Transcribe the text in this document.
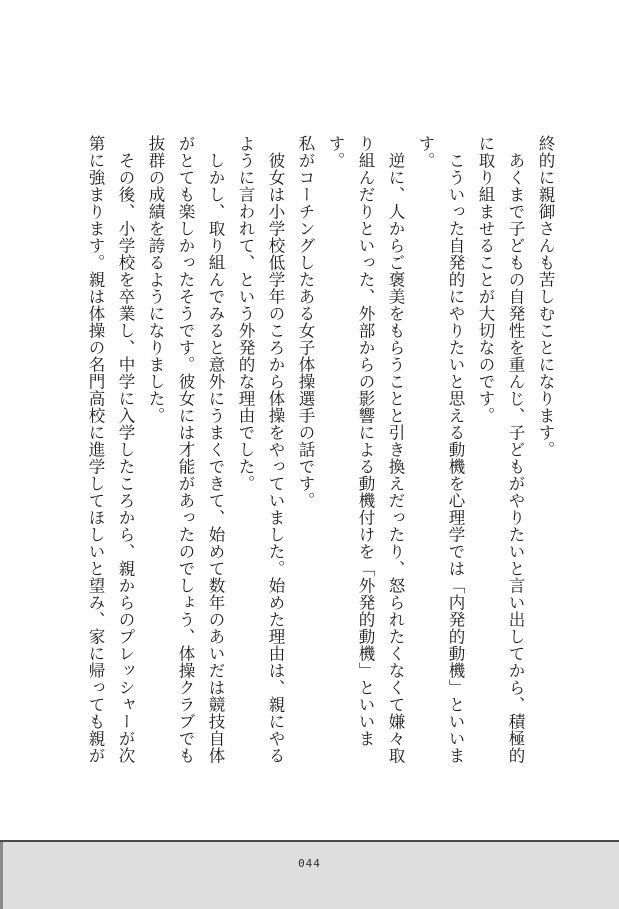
終的に親御さんも苦しむことになります。

あくまで子どもの自発性を重んじ、子どもがやりたいと言い出してから、積極的に取り組ませることが大切なのです。

こういった自発的にやりたいと思える動機を心理学では「内発的動機」といいます。

逆に、人からご褒美をもらうことと引き換えだったり、怒られたくなくて嫌々取り組んだりといった、外部からの影響による動機付けを「外発的動機」といいます。

私がコーチングしたある女子体操選手の話です。

彼女は小学校低学年のころから体操をやっていました。始めた理由は、親にやるように言われて、という外発的な理由でした。

しかし、取り組んでみると意外にうまくできて、始めて数年のあいだは競技自体がとても楽しかったそうです。彼女には才能があったのでしょう、体操クラブでも抜群の成績を誇るようになりました。

その後、小学校を卒業し、中学に入学したころから、親からのプレッシャーが次第に強まります。親は体操の名門高校に進学してほしいと望み、家に帰っても親が

044
